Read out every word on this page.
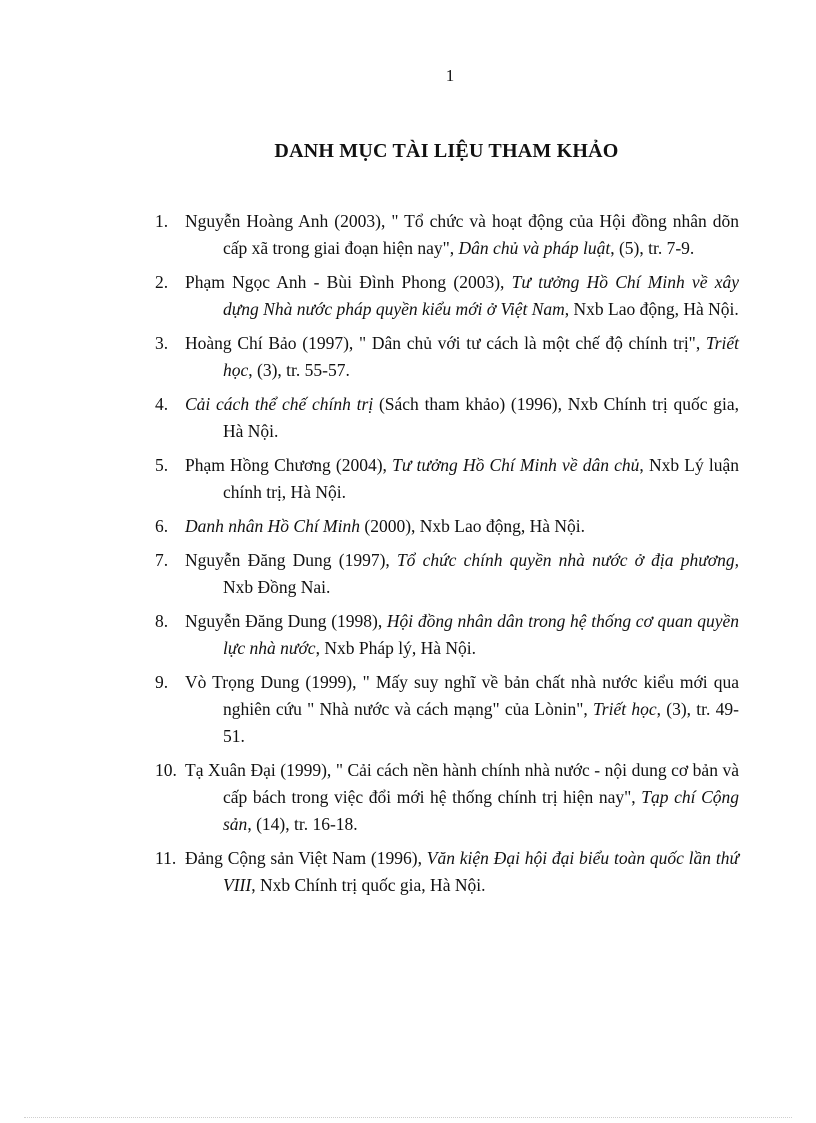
1
DANH MỤC TÀI LIỆU THAM KHẢO
1. Nguyễn Hoàng Anh (2003), " Tổ chức và hoạt động của Hội đồng nhân dõn cấp xã trong giai đoạn hiện nay", Dân chủ và pháp luật, (5), tr. 7-9.
2. Phạm Ngọc Anh - Bùi Đình Phong (2003), Tư tưởng Hồ Chí Minh về xây dựng Nhà nước pháp quyền kiểu mới ở Việt Nam, Nxb Lao động, Hà Nội.
3. Hoàng Chí Bảo (1997), " Dân chủ với tư cách là một chế độ chính trị", Triết học, (3), tr. 55-57.
4. Cải cách thể chế chính trị (Sách tham khảo) (1996), Nxb Chính trị quốc gia, Hà Nội.
5. Phạm Hồng Chương (2004), Tư tưởng Hồ Chí Minh về dân chủ, Nxb Lý luận chính trị, Hà Nội.
6. Danh nhân Hồ Chí Minh (2000), Nxb Lao động, Hà Nội.
7. Nguyễn Đăng Dung (1997), Tổ chức chính quyền nhà nước ở địa phương, Nxb Đồng Nai.
8. Nguyễn Đăng Dung (1998), Hội đồng nhân dân trong hệ thống cơ quan quyền lực nhà nước, Nxb Pháp lý, Hà Nội.
9. Vò Trọng Dung (1999), " Mấy suy nghĩ về bản chất nhà nước kiểu mới qua nghiên cứu " Nhà nước và cách mạng" của Lònin", Triết học, (3), tr. 49-51.
10. Tạ Xuân Đại (1999), " Cải cách nền hành chính nhà nước - nội dung cơ bản và cấp bách trong việc đổi mới hệ thống chính trị hiện nay", Tạp chí Cộng sản, (14), tr. 16-18.
11. Đảng Cộng sản Việt Nam (1996), Văn kiện Đại hội đại biểu toàn quốc lần thứ VIII, Nxb Chính trị quốc gia, Hà Nội.
